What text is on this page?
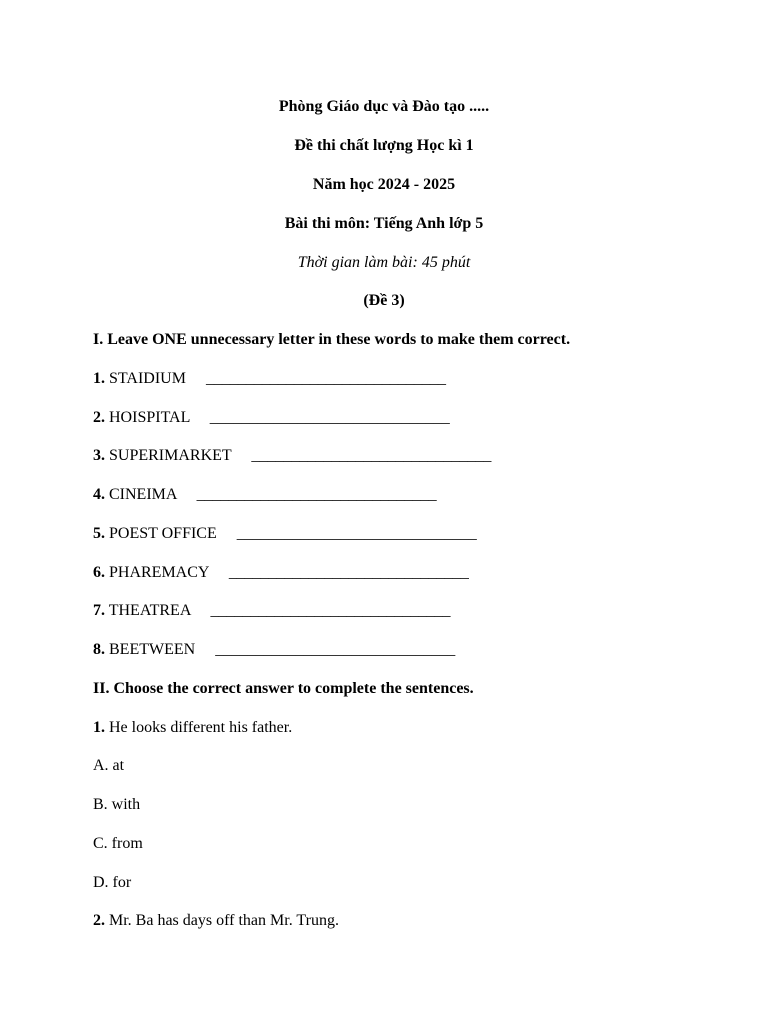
Phòng Giáo dục và Đào tạo .....
Đề thi chất lượng Học kì 1
Năm học 2024 - 2025
Bài thi môn: Tiếng Anh lớp 5
Thời gian làm bài: 45 phút
(Đề 3)
I. Leave ONE unnecessary letter in these words to make them correct.
1. STAIDIUM ______________________________
2. HOISPITAL ______________________________
3. SUPERIMARKET ______________________________
4. CINEIMA ______________________________
5. POEST OFFICE ______________________________
6. PHAREMACY ______________________________
7. THEATREA ______________________________
8. BEETWEEN ______________________________
II. Choose the correct answer to complete the sentences.
1. He looks different his father.
A. at
B. with
C. from
D. for
2. Mr. Ba has days off than Mr. Trung.
